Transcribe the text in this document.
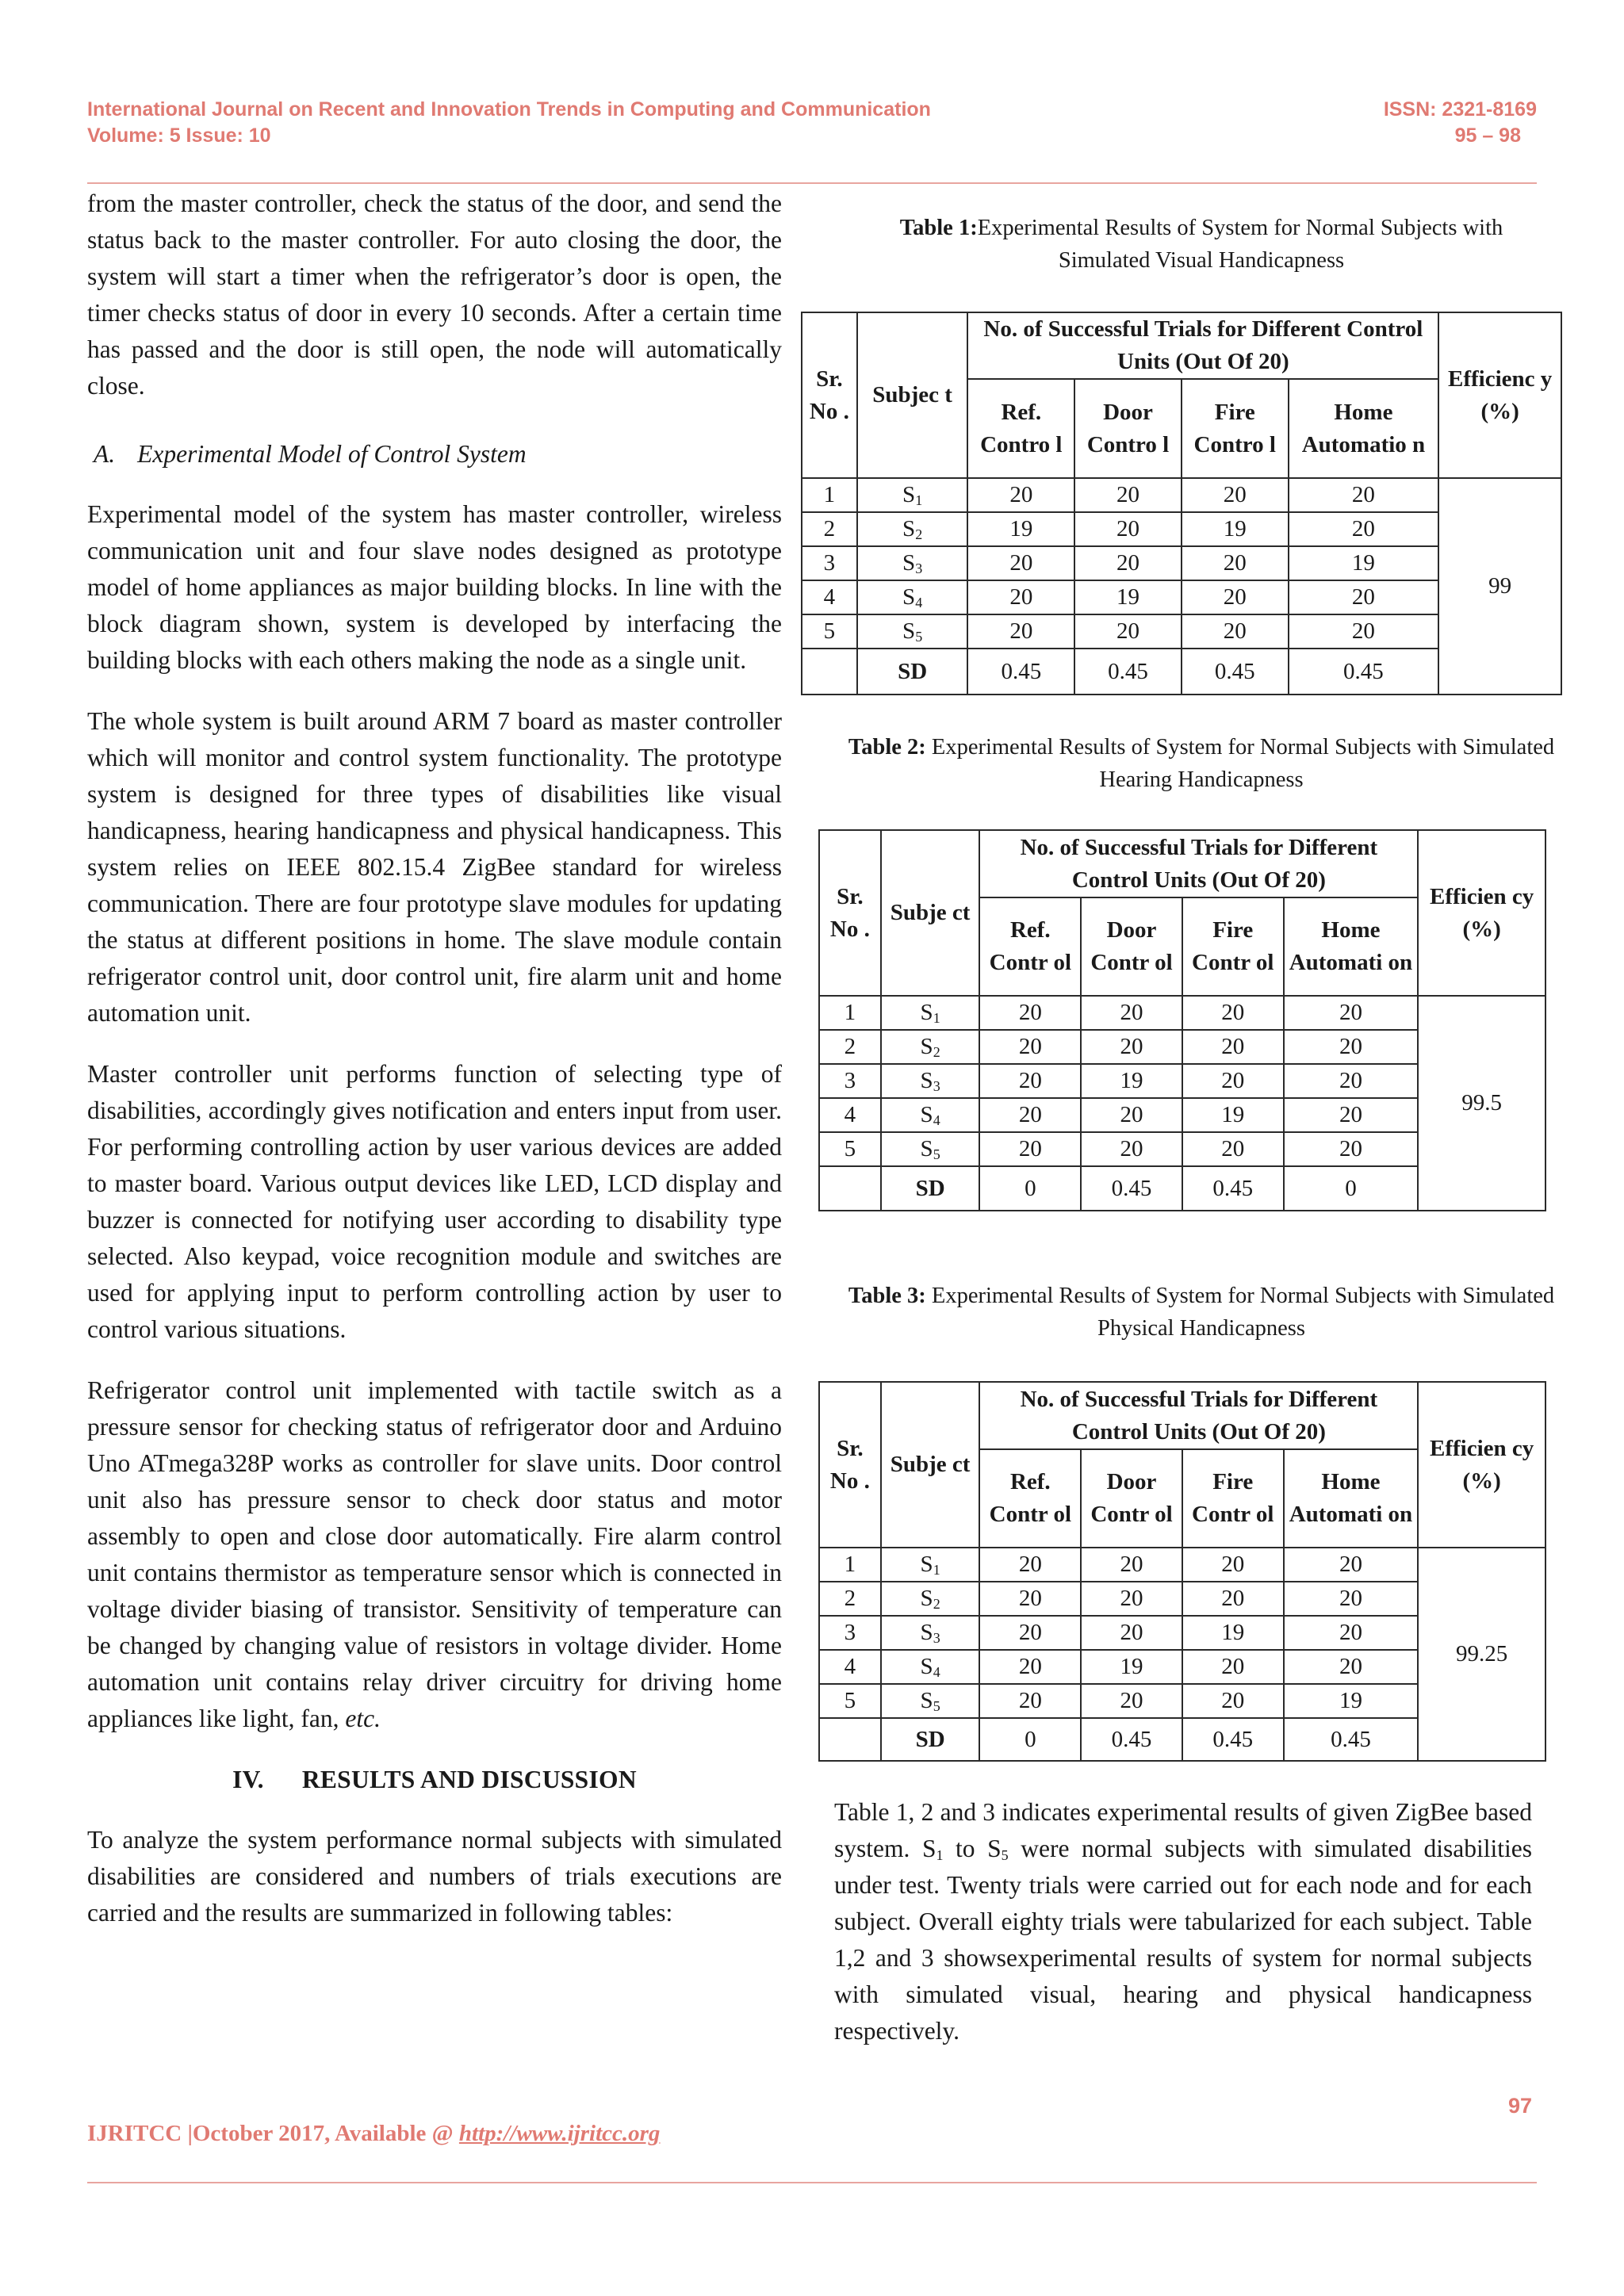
International Journal on Recent and Innovation Trends in Computing and Communication	ISSN: 2321-8169
Volume: 5 Issue: 10	95 – 98

from the master controller, check the status of the door, and send the status back to the master controller. For auto closing the door, the system will start a timer when the refrigerator’s door is open, the timer checks status of door in every 10 seconds. After a certain time has passed and the door is still open, the node will automatically close.

A. Experimental Model of Control System

Experimental model of the system has master controller, wireless communication unit and four slave nodes designed as prototype model of home appliances as major building blocks. In line with the block diagram shown, system is developed by interfacing the building blocks with each others making the node as a single unit.

The whole system is built around ARM 7 board as master controller which will monitor and control system functionality. The prototype system is designed for three types of disabilities like visual handicapness, hearing handicapness and physical handicapness. This system relies on IEEE 802.15.4 ZigBee standard for wireless communication. There are four prototype slave modules for updating the status at different positions in home. The slave module contain refrigerator control unit, door control unit, fire alarm unit and home automation unit.

Master controller unit performs function of selecting type of disabilities, accordingly gives notification and enters input from user. For performing controlling action by user various devices are added to master board. Various output devices like LED, LCD display and buzzer is connected for notifying user according to disability type selected. Also keypad, voice recognition module and switches are used for applying input to perform controlling action by user to control various situations.

Refrigerator control unit implemented with tactile switch as a pressure sensor for checking status of refrigerator door and Arduino Uno ATmega328P works as controller for slave units. Door control unit also has pressure sensor to check door status and motor assembly to open and close door automatically. Fire alarm control unit contains thermistor as temperature sensor which is connected in voltage divider biasing of transistor. Sensitivity of temperature can be changed by changing value of resistors in voltage divider. Home automation unit contains relay driver circuitry for driving home appliances like light, fan, etc.

IV. RESULTS AND DISCUSSION

To analyze the system performance normal subjects with simulated disabilities are considered and numbers of trials executions are carried and the results are summarized in following tables:

Table 1:Experimental Results of System for Normal Subjects with Simulated Visual Handicapness
Sr. No .	Subjec t	No. of Successful Trials for Different Control Units (Out Of 20)				Efficienc y (%)
		Ref. Contro l	Door Contro l	Fire Contro l	Home Automatio n	
1	$S_1$	20	20	20	20	99
2	$S_2$	19	20	19	20	
3	$S_3$	20	20	20	19	
4	$S_4$	20	19	20	20	
5	$S_5$	20	20	20	20	
	SD	0.45	0.45	0.45	0.45	
Table 2: Experimental Results of System for Normal Subjects with Simulated Hearing Handicapness
Sr. No .	Subje ct	No. of Successful Trials for Different Control Units (Out Of 20)				Efficien cy (%)
		Ref. Contr ol	Door Contr ol	Fire Contr ol	Home Automati on	
1	$S_1$	20	20	20	20	99.5
2	$S_2$	20	20	20	20	
3	$S_3$	20	19	20	20	
4	$S_4$	20	20	19	20	
5	$S_5$	20	20	20	20	
	SD	0	0.45	0.45	0	
Table 3: Experimental Results of System for Normal Subjects with Simulated Physical Handicapness
Sr. No .	Subje ct	No. of Successful Trials for Different Control Units (Out Of 20)				Efficien cy (%)
		Ref. Contr ol	Door Contr ol	Fire Contr ol	Home Automati on	
1	$S_1$	20	20	20	20	99.25
2	$S_2$	20	20	20	20	
3	$S_3$	20	20	19	20	
4	$S_4$	20	19	20	20	
5	$S_5$	20	20	20	19	
	SD	0	0.45	0.45	0.45	
Table 1, 2 and 3 indicates experimental results of given ZigBee based system. $S_1$ to $S_5$ were normal subjects with simulated disabilities under test. Twenty trials were carried out for each node and for each subject. Overall eighty trials were tabularized for each subject. Table 1,2 and 3 showsexperimental results of system for normal subjects with simulated visual, hearing and physical handicapness respectively.
97
IJRITCC |October 2017, Available @ http://www.ijritcc.org
